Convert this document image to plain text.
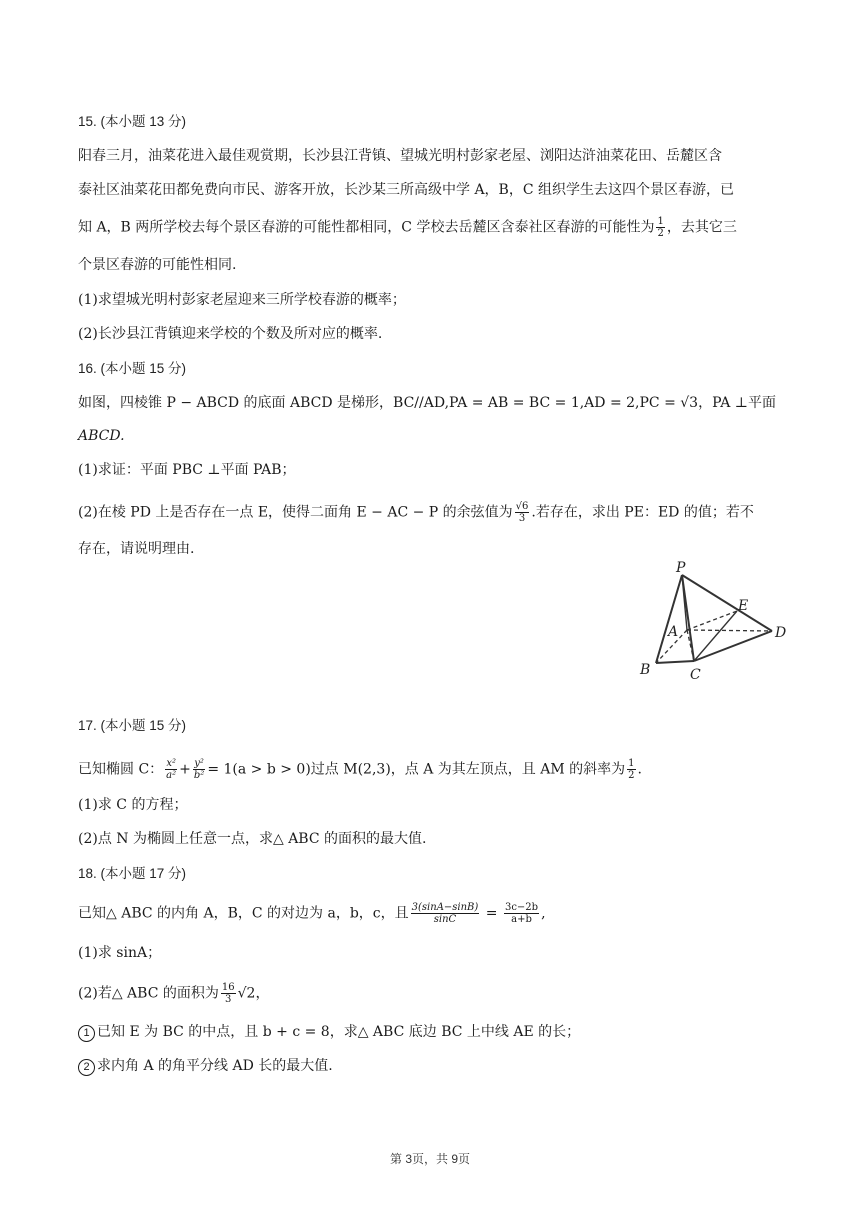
15. (本小题 13 分)
阳春三月，油菜花进入最佳观赏期，长沙县江背镇、望城光明村彭家老屋、浏阳达浒油菜花田、岳麓区含
泰社区油菜花田都免费向市民、游客开放，长沙某三所高级中学 A，B，C 组织学生去这四个景区春游，已
知 A，B 两所学校去每个景区春游的可能性都相同，C 学校去岳麓区含泰社区春游的可能性为 $\frac{1}{2}$ ，去其它三
个景区春游的可能性相同.
(1)求望城光明村彭家老屋迎来三所学校春游的概率；
(2)长沙县江背镇迎来学校的个数及所对应的概率.
16. (本小题 15 分)
如图，四棱锥 P − ABCD 的底面 ABCD 是梯形，BC//AD,PA = AB = BC = 1,AD = 2,PC = √3，PA ⊥平面
ABCD.
(1)求证：平面 PBC ⊥平面 PAB；
(2)在棱 PD 上是否存在一点 E，使得二面角 E − AC − P 的余弦值为 $\frac{√6}{3}$ .若存在，求出 PE：ED 的值；若不
存在，请说明理由.
P
A
E
D
B	C
17. (本小题 15 分)
已知椭圆 C： $\frac{\text{x²}}{\text{a²}} + \frac{\text{y²}}{\text{b²}} = 1(a > b > 0)$过点 M(2,3)，点 A 为其左顶点，且 AM 的斜率为 $\frac{1}{2}$ .
(1)求 C 的方程；
(2)点 N 为椭圆上任意一点，求△ ABC 的面积的最大值.
18. (本小题 17 分)
已知△ ABC 的内角 A，B，C 的对边为 a，b，c，且 $\frac{3(\sin A-\sin B)}{\sin C} = \frac{3c-2b}{a+b}$ ,
(1)求 sinA；
(2)若△ ABC 的面积为 $\frac{16}{3} √2$，
1 已知 E 为 BC 的中点，且 b + c = 8，求△ ABC 底边 BC 上中线 AE 的长；
2 求内角 A 的角平分线 AD 长的最大值.
第 3页，共 9页
